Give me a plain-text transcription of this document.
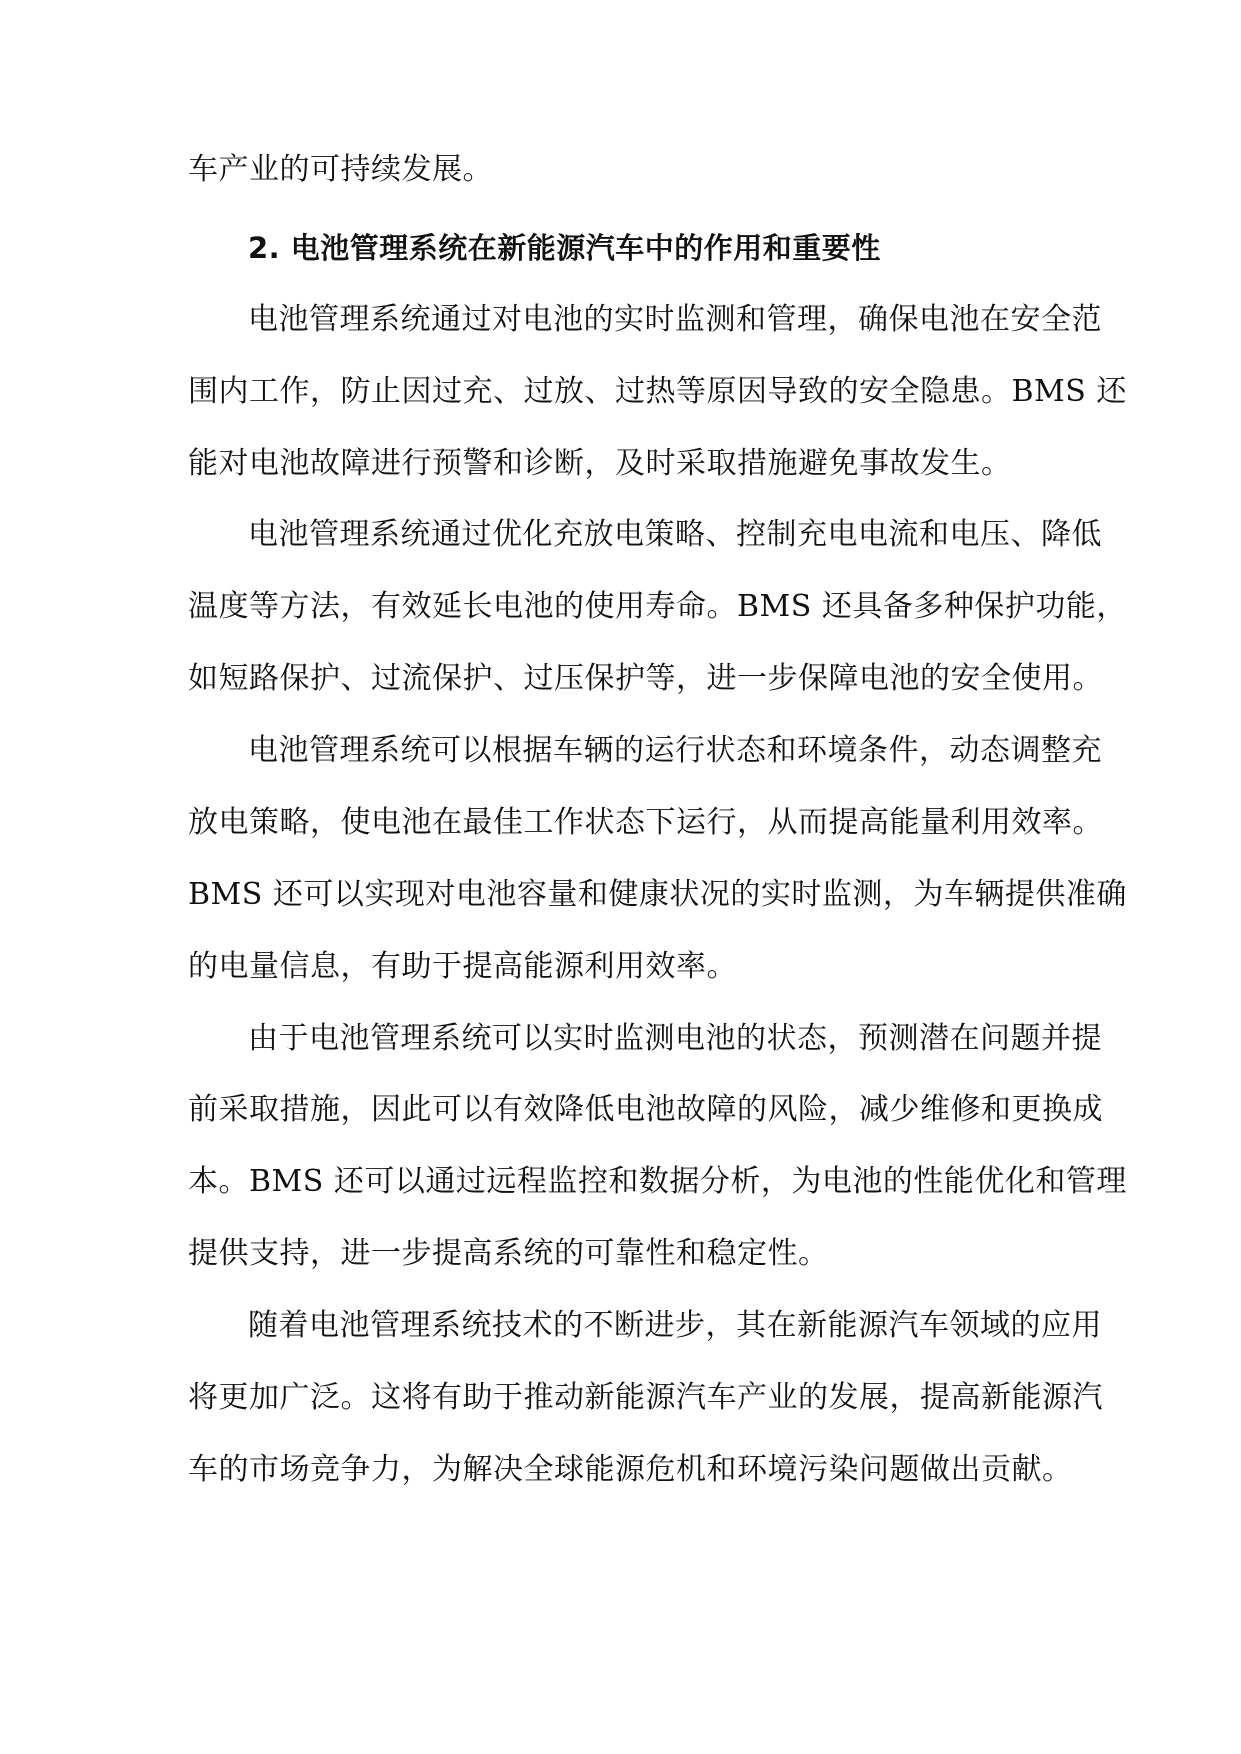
车产业的可持续发展。
2. 电池管理系统在新能源汽车中的作用和重要性
电池管理系统通过对电池的实时监测和管理，确保电池在安全范
围内工作，防止因过充、过放、过热等原因导致的安全隐患。BMS 还
能对电池故障进行预警和诊断，及时采取措施避免事故发生。
电池管理系统通过优化充放电策略、控制充电电流和电压、降低
温度等方法，有效延长电池的使用寿命。BMS 还具备多种保护功能，
如短路保护、过流保护、过压保护等，进一步保障电池的安全使用。
电池管理系统可以根据车辆的运行状态和环境条件，动态调整充
放电策略，使电池在最佳工作状态下运行，从而提高能量利用效率。
BMS 还可以实现对电池容量和健康状况的实时监测，为车辆提供准确
的电量信息，有助于提高能源利用效率。
由于电池管理系统可以实时监测电池的状态，预测潜在问题并提
前采取措施，因此可以有效降低电池故障的风险，减少维修和更换成
本。BMS 还可以通过远程监控和数据分析，为电池的性能优化和管理
提供支持，进一步提高系统的可靠性和稳定性。
随着电池管理系统技术的不断进步，其在新能源汽车领域的应用
将更加广泛。这将有助于推动新能源汽车产业的发展，提高新能源汽
车的市场竞争力，为解决全球能源危机和环境污染问题做出贡献。
